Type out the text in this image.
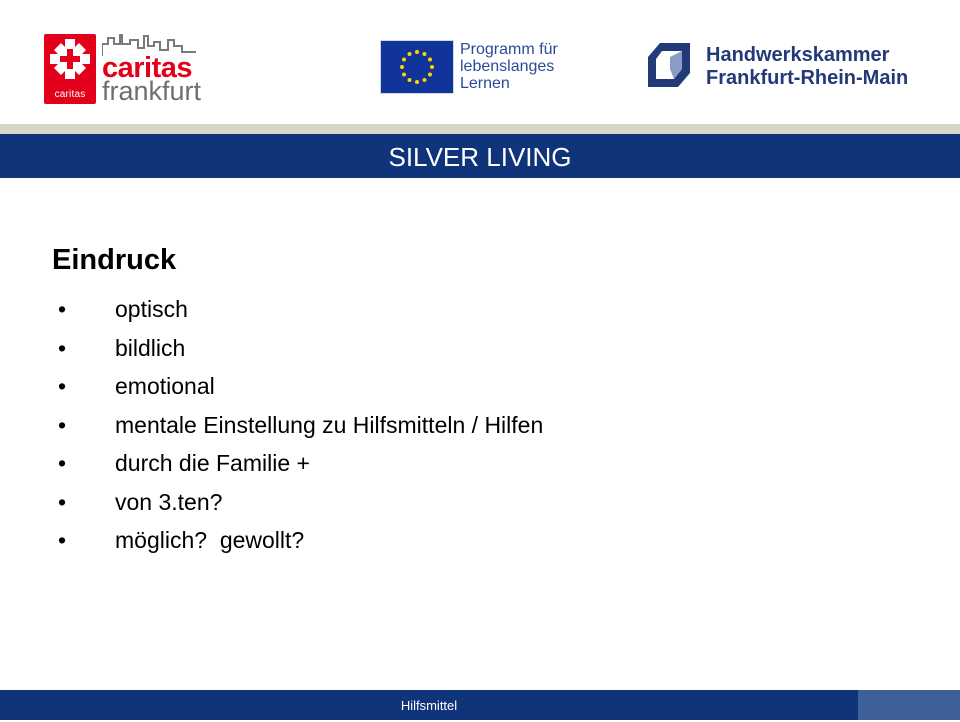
caritas
caritas
frankfurt
Programm für
lebenslanges
Lernen
Handwerkskammer
Frankfurt-Rhein-Main
SILVER LIVING
Eindruck
• optisch
• bildlich
• emotional
• mentale Einstellung zu Hilfsmitteln / Hilfen
• durch die Familie +
• von 3.ten?
• möglich?  gewollt?
Hilfsmittel
